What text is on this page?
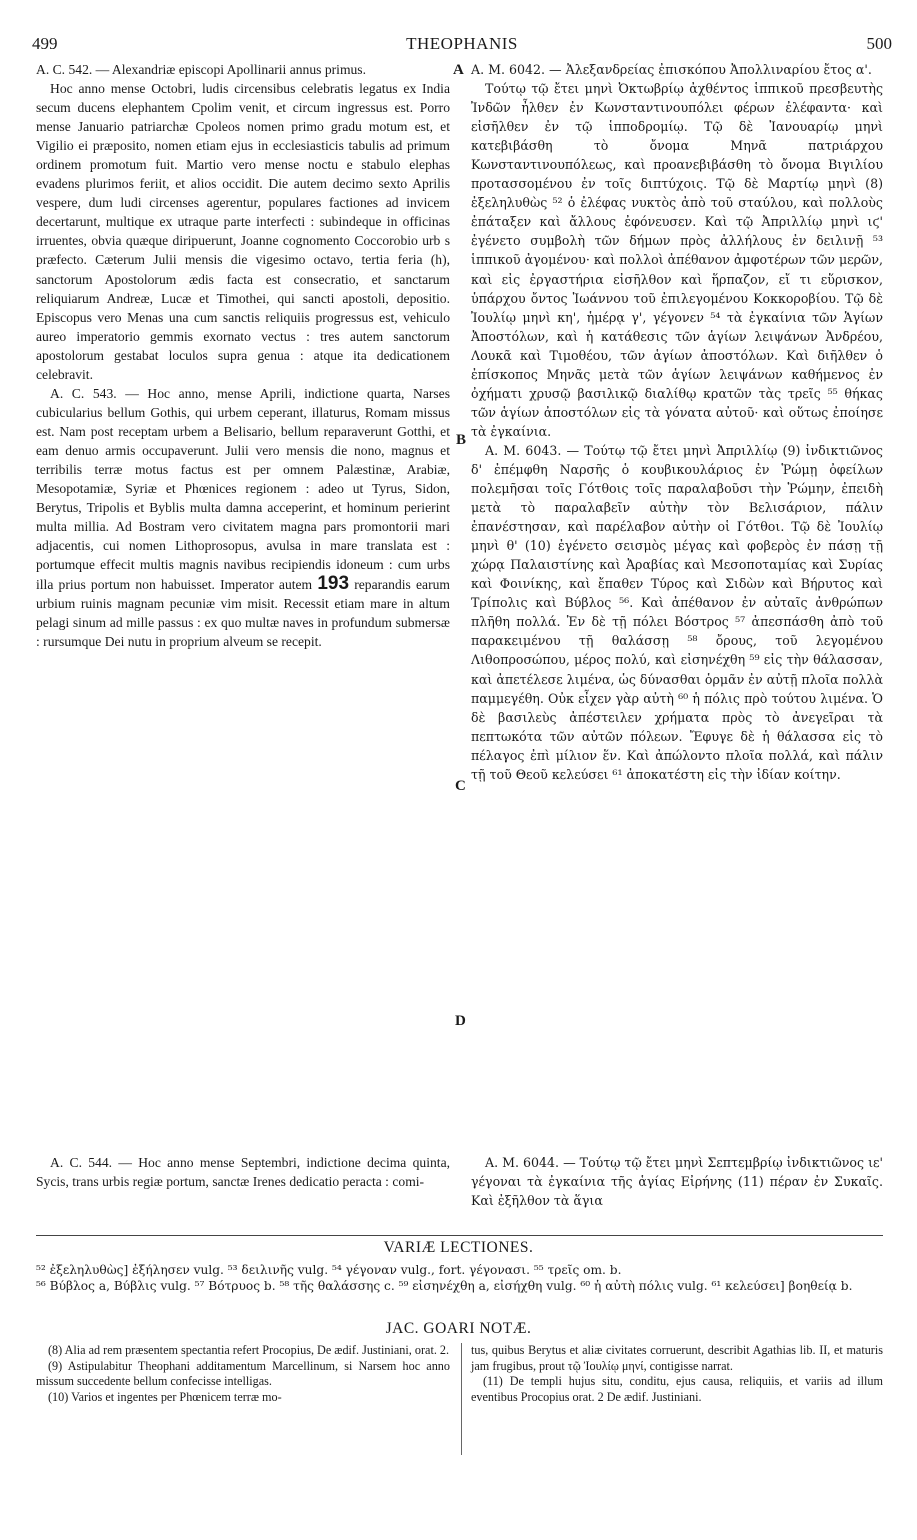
499	THEOPHANIS	500
A
B
C
D

A. C. 542. — Alexandriæ episcopi Apollinarii annus primus.

Hoc anno mense Octobri, ludis circensibus celebratis legatus ex India secum ducens elephantem Cpolim venit, et circum ingressus est. Porro mense Januario patriarchæ Cpoleos nomen primo gradu motum est, et Vigilio ei præposito, nomen etiam ejus in ecclesiasticis tabulis ad primum ordinem promotum fuit. Martio vero mense noctu e stabulo elephas evadens plurimos feriit, et alios occidit. Die autem decimo sexto Aprilis vespere, dum ludi circenses agerentur, populares factiones ad invicem decertarunt, multique ex utraque parte interfecti : subindeque in officinas irruentes, obvia quæque diripuerunt, Joanne cognomento Coccorobio urb s præfecto. Cæterum Julii mensis die vigesimo octavo, tertia feria (h), sanctorum Apostolorum ædis facta est consecratio, et sanctarum reliquiarum Andreæ, Lucæ et Timothei, qui sancti apostoli, depositio. Episcopus vero Menas una cum sanctis reliquiis progressus est, vehiculo aureo imperatorio gemmis exornato vectus : tres autem sanctorum apostolorum gestabat loculos supra genua : atque ita dedicationem celebravit.

A. C. 543. — Hoc anno, mense Aprili, indictione quarta, Narses cubicularius bellum Gothis, qui urbem ceperant, illaturus, Romam missus est. Nam post receptam urbem a Belisario, bellum reparaverunt Gotthi, et eam denuo armis occupaverunt. Julii vero mensis die nono, magnus et terribilis terræ motus factus est per omnem Palæstinæ, Arabiæ, Mesopotamiæ, Syriæ et Phœnices regionem : adeo ut Tyrus, Sidon, Berytus, Tripolis et Byblis multa damna acceperint, et hominum perierint multa millia. Ad Bostram vero civitatem magna pars promontorii mari adjacentis, cui nomen Lithoprosopus, avulsa in mare translata est : portumque effecit multis magnis navibus recipiendis idoneum : cum urbs illa prius portum non habuisset. Imperator autem 193 reparandis earum urbium ruinis magnam pecuniæ vim misit. Recessit etiam mare in altum pelagi sinum ad mille passus : ex quo multæ naves in profundum submersæ : rursumque Dei nutu in proprium alveum se recepit.

A. C. 544. — Hoc anno mense Septembri, indictione decima quinta, Sycis, trans urbis regiæ portum, sanctæ Irenes dedicatio peracta : comi-

A. M. 6042. — Ἀλεξανδρείας ἐπισκόπου Ἀπολλιναρίου ἔτος α'.

Τούτῳ τῷ ἔτει μηνὶ Ὀκτωβρίῳ ἀχθέντος ἱππικοῦ πρεσβευτὴς Ἰνδῶν ἦλθεν ἐν Κωνσταντινουπόλει φέρων ἐλέφαντα· καὶ εἰσῆλθεν ἐν τῷ ἱπποδρομίῳ. Τῷ δὲ Ἰανουαρίῳ μηνὶ κατεβιβάσθη τὸ ὄνομα Μηνᾶ πατριάρχου Κωνσταντινουπόλεως, καὶ προανεβιβάσθη τὸ ὄνομα Βιγιλίου προτασσομένου ἐν τοῖς διπτύχοις. Τῷ δὲ Μαρτίῳ μηνὶ (8) ἐξεληλυθὼς ⁵² ὁ ἐλέφας νυκτὸς ἀπὸ τοῦ σταύλου, καὶ πολλοὺς ἐπάταξεν καὶ ἄλλους ἐφόνευσεν. Καὶ τῷ Ἀπριλλίῳ μηνὶ ιϛ' ἐγένετο συμβολὴ τῶν δήμων πρὸς ἀλλήλους ἐν δειλινῇ ⁵³ ἱππικοῦ ἀγομένου· καὶ πολλοὶ ἀπέθανον ἀμφοτέρων τῶν μερῶν, καὶ εἰς ἐργαστήρια εἰσῆλθον καὶ ἥρπαζον, εἴ τι εὕρισκον, ὑπάρχου ὄντος Ἰωάννου τοῦ ἐπιλεγομένου Κοκκοροβίου. Τῷ δὲ Ἰουλίῳ μηνὶ κη', ἡμέρᾳ γ', γέγονεν ⁵⁴ τὰ ἐγκαίνια τῶν Ἁγίων Ἀποστόλων, καὶ ἡ κατάθεσις τῶν ἁγίων λειψάνων Ἀνδρέου, Λουκᾶ καὶ Τιμοθέου, τῶν ἁγίων ἀποστόλων. Καὶ διῆλθεν ὁ ἐπίσκοπος Μηνᾶς μετὰ τῶν ἁγίων λειψάνων καθήμενος ἐν ὀχήματι χρυσῷ βασιλικῷ διαλίθῳ κρατῶν τὰς τρεῖς ⁵⁵ θήκας τῶν ἁγίων ἀποστόλων εἰς τὰ γόνατα αὐτοῦ· καὶ οὕτως ἐποίησε τὰ ἐγκαίνια.

A. M. 6043. — Τούτῳ τῷ ἔτει μηνὶ Ἀπριλλίῳ (9) ἰνδικτιῶνος δ' ἐπέμφθη Ναρσῆς ὁ κουβικουλάριος ἐν Ῥώμῃ ὀφείλων πολεμῆσαι τοῖς Γότθοις τοῖς παραλαβοῦσι τὴν Ῥώμην, ἐπειδὴ μετὰ τὸ παραλαβεῖν αὐτὴν τὸν Βελισάριον, πάλιν ἐπανέστησαν, καὶ παρέλαβον αὐτὴν οἱ Γότθοι. Τῷ δὲ Ἰουλίῳ μηνὶ θ' (10) ἐγένετο σεισμὸς μέγας καὶ φοβερὸς ἐν πάσῃ τῇ χώρᾳ Παλαιστίνης καὶ Ἀραβίας καὶ Μεσοποταμίας καὶ Συρίας καὶ Φοινίκης, καὶ ἔπαθεν Τύρος καὶ Σιδὼν καὶ Βήρυτος καὶ Τρίπολις καὶ Βύβλος ⁵⁶. Καὶ ἀπέθανον ἐν αὐταῖς ἀνθρώπων πλῆθη πολλά. Ἐν δὲ τῇ πόλει Βόστρος ⁵⁷ ἀπεσπάσθη ἀπὸ τοῦ παρακειμένου τῇ θαλάσσῃ ⁵⁸ ὄρους, τοῦ λεγομένου Λιθοπροσώπου, μέρος πολύ, καὶ εἰσηνέχθη ⁵⁹ εἰς τὴν θάλασσαν, καὶ ἀπετέλεσε λιμένα, ὡς δύνασθαι ὁρμᾶν ἐν αὐτῇ πλοῖα πολλὰ παμμεγέθη. Οὐκ εἶχεν γὰρ αὐτὴ ⁶⁰ ἡ πόλις πρὸ τούτου λιμένα. Ὁ δὲ βασιλεὺς ἀπέστειλεν χρήματα πρὸς τὸ ἀνεγεῖραι τὰ πεπτωκότα τῶν αὐτῶν πόλεων. Ἔφυγε δὲ ἡ θάλασσα εἰς τὸ πέλαγος ἐπὶ μίλιον ἕν. Καὶ ἀπώλοντο πλοῖα πολλά, καὶ πάλιν τῇ τοῦ Θεοῦ κελεύσει ⁶¹ ἀποκατέστη εἰς τὴν ἰδίαν κοίτην.

A. M. 6044. — Τούτῳ τῷ ἔτει μηνὶ Σεπτεμβρίῳ ἰνδικτιῶνος ιε' γέγοναι τὰ ἐγκαίνια τῆς ἁγίας Εἰρήνης (11) πέραν ἐν Συκαῖς. Καὶ ἐξῆλθον τὰ ἅγια

VARIÆ LECTIONES.

⁵² ἐξεληλυθὼς] ἐξήλησεν vulg. ⁵³ δειλινῆς vulg. ⁵⁴ γέγοναν vulg., fort. γέγονασι. ⁵⁵ τρεῖς om. b.

⁵⁶ Βύβλος a, Βύβλις vulg. ⁵⁷ Βότρυος b. ⁵⁸ τῆς θαλάσσης c. ⁵⁹ εἰσηνέχθη a, εἰσήχθη vulg. ⁶⁰ ἡ αὐτὴ πόλις vulg. ⁶¹ κελεύσει] βοηθείᾳ b.

JAC. GOARI NOTÆ.

(8) Alia ad rem præsentem spectantia refert Procopius, De ædif. Justiniani, orat. 2.

(9) Astipulabitur Theophani additamentum Marcellinum, si Narsem hoc anno missum succedente bellum confecisse intelligas.

(10) Varios et ingentes per Phœnicem terræ mo-

tus, quibus Berytus et aliæ civitates corruerunt, describit Agathias lib. II, et maturis jam frugibus, prout τῷ Ἰουλίῳ μηνί, contigisse narrat.

(11) De templi hujus situ, conditu, ejus causa, reliquiis, et variis ad illum eventibus Procopius orat. 2 De ædif. Justiniani.
